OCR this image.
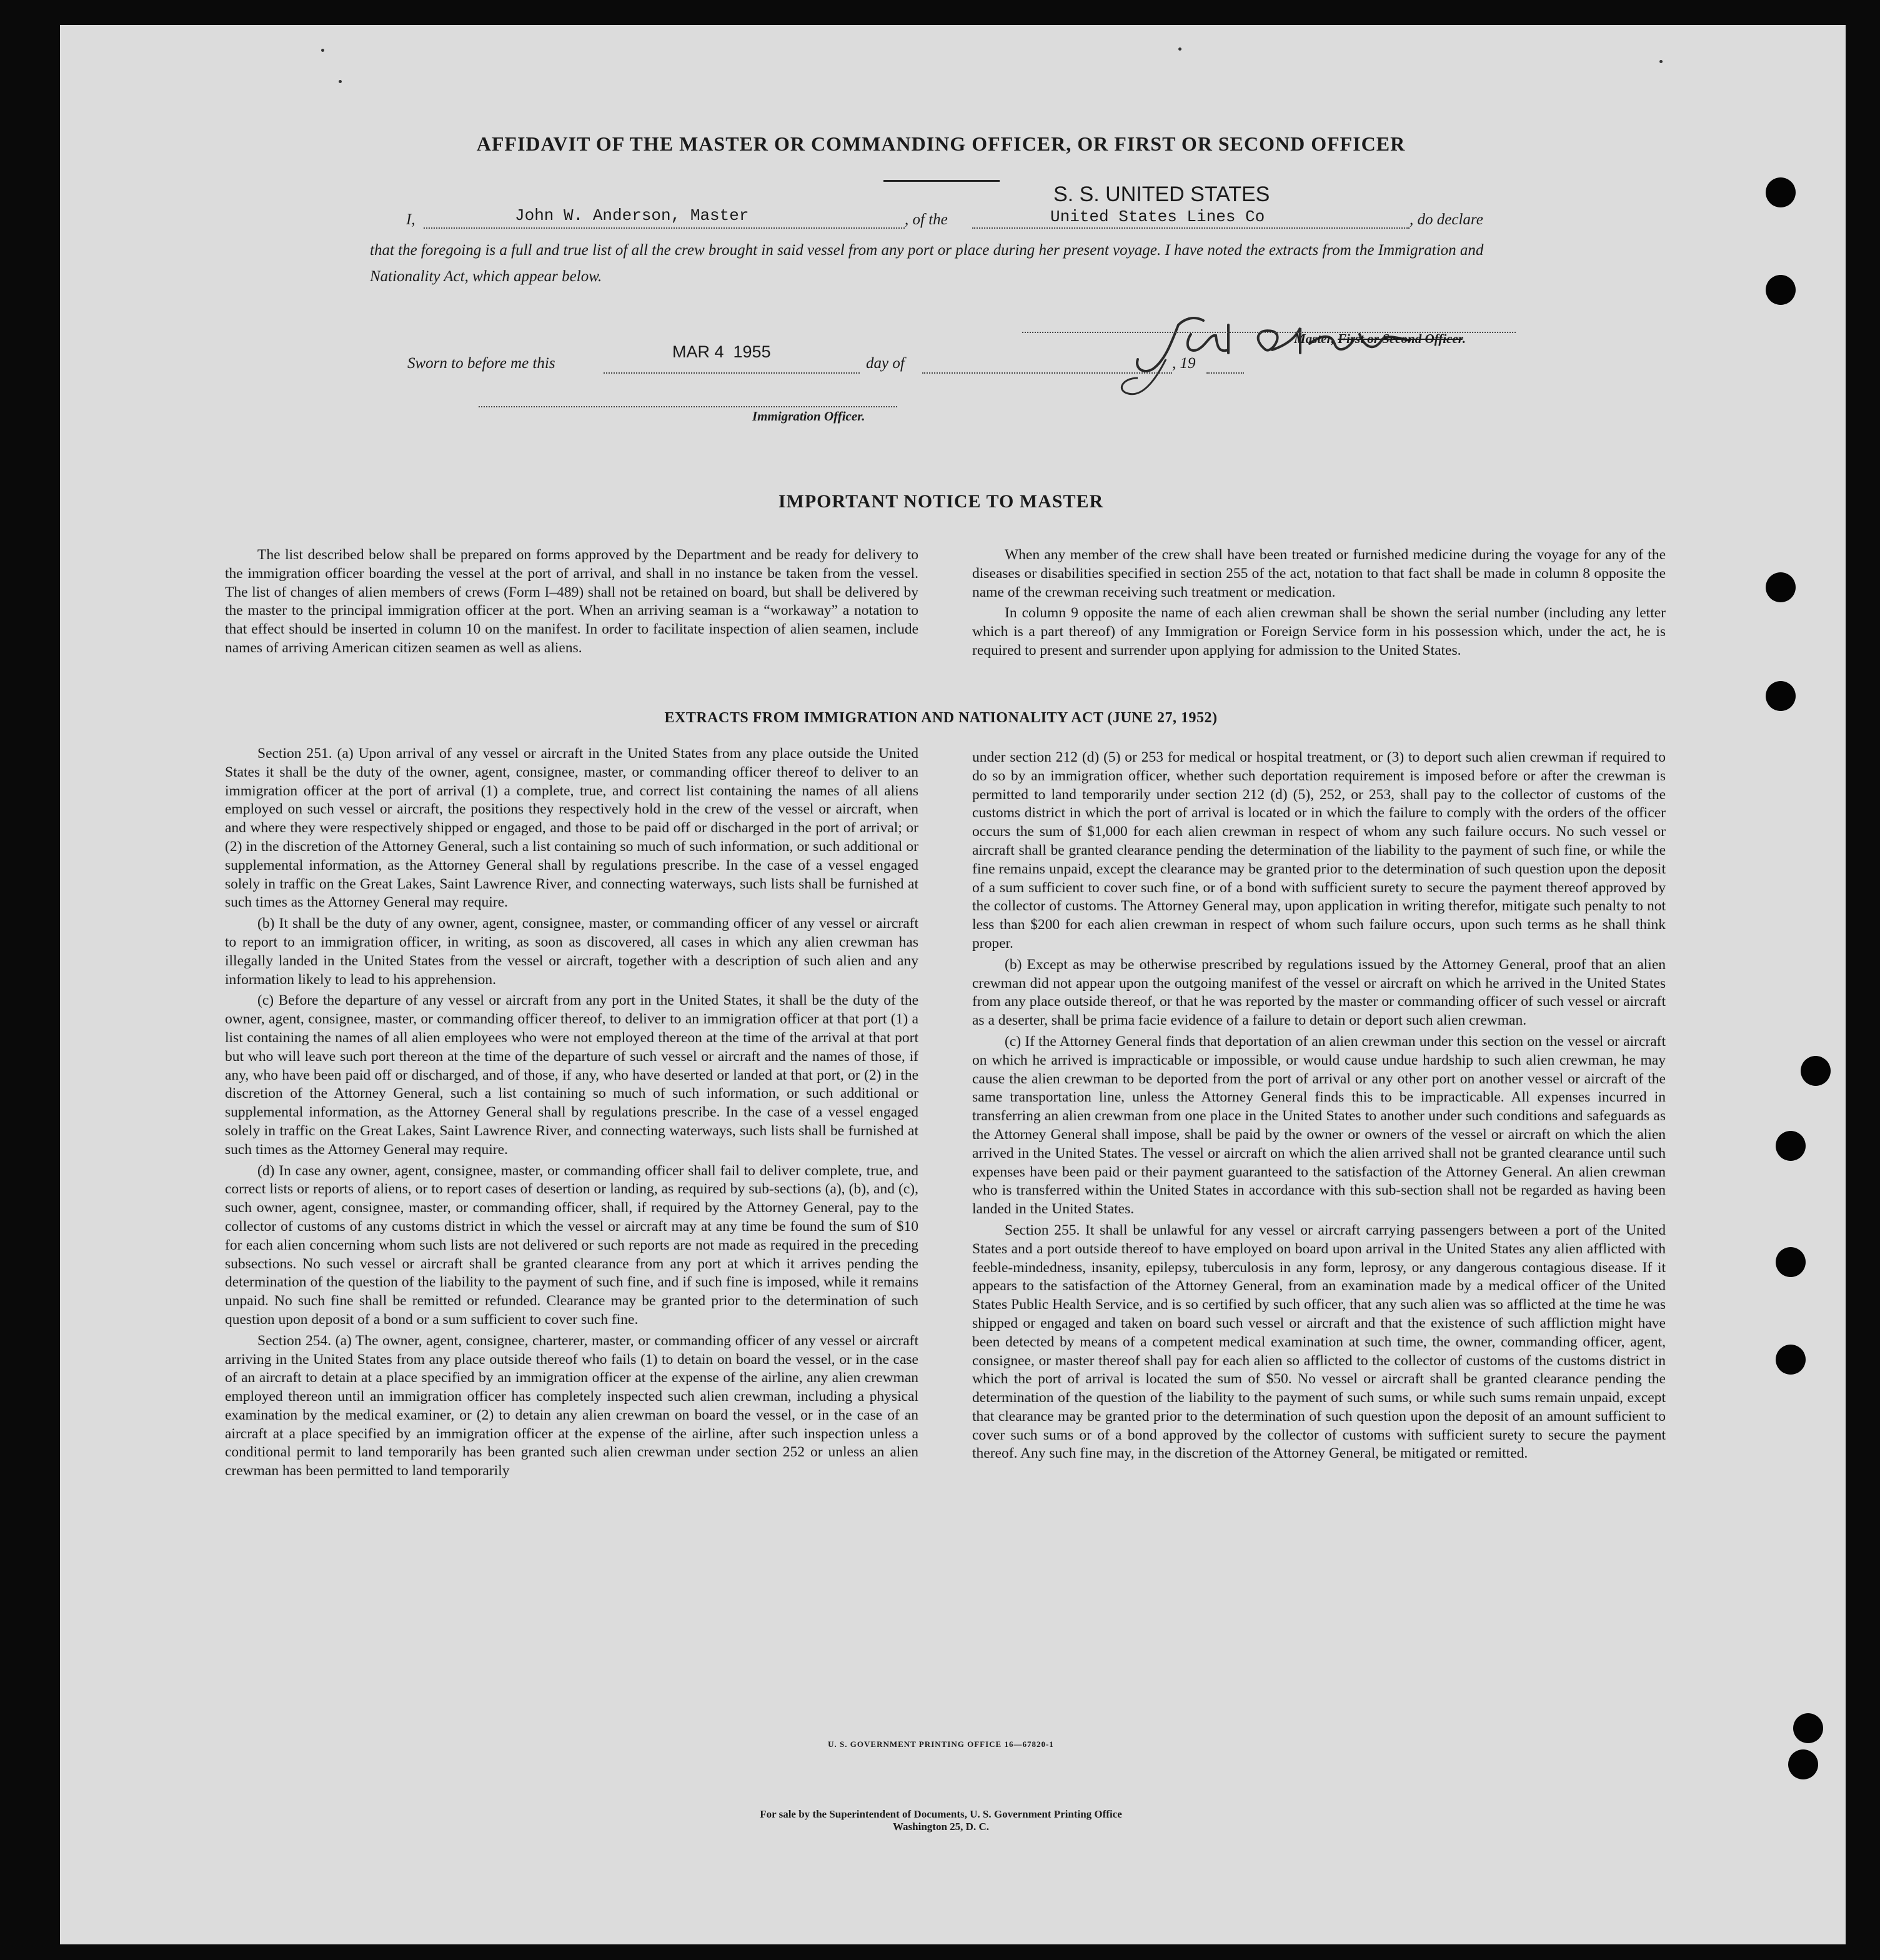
AFFIDAVIT OF THE MASTER OR COMMANDING OFFICER, OR FIRST OR SECOND OFFICER
S. S. UNITED STATES
I,	John W. Anderson, Master	, of the	United States Lines Co	, do declare
that the foregoing is a full and true list of all the crew brought in said vessel from any port or place during her present voyage. I have noted the extracts from the Immigration and Nationality Act, which appear below.
Master, First or Second Officer.
Sworn to before me this
MAR 4  1955
day of	, 19
Immigration Officer.
IMPORTANT NOTICE TO MASTER

The list described below shall be prepared on forms approved by the Department and be ready for delivery to the immigration officer boarding the vessel at the port of arrival, and shall in no instance be taken from the vessel. The list of changes of alien members of crews (Form I–489) shall not be retained on board, but shall be delivered by the master to the principal immigration officer at the port. When an arriving seaman is a “workaway” a notation to that effect should be inserted in column 10 on the manifest. In order to facilitate inspection of alien seamen, include names of arriving American citizen seamen as well as aliens.

When any member of the crew shall have been treated or furnished medicine during the voyage for any of the diseases or disabilities specified in section 255 of the act, notation to that fact shall be made in column 8 opposite the name of the crewman receiving such treatment or medication.

In column 9 opposite the name of each alien crewman shall be shown the serial number (including any letter which is a part thereof) of any Immigration or Foreign Service form in his possession which, under the act, he is required to present and surrender upon applying for admission to the United States.

EXTRACTS FROM IMMIGRATION AND NATIONALITY ACT (JUNE 27, 1952)

Section 251. (a) Upon arrival of any vessel or aircraft in the United States from any place outside the United States it shall be the duty of the owner, agent, consignee, master, or commanding officer thereof to deliver to an immigration officer at the port of arrival (1) a complete, true, and correct list containing the names of all aliens employed on such vessel or aircraft, the positions they respectively hold in the crew of the vessel or aircraft, when and where they were respectively shipped or engaged, and those to be paid off or discharged in the port of arrival; or (2) in the discretion of the Attorney General, such a list containing so much of such information, or such additional or supplemental information, as the Attorney General shall by regulations prescribe. In the case of a vessel engaged solely in traffic on the Great Lakes, Saint Lawrence River, and connecting waterways, such lists shall be furnished at such times as the Attorney General may require.

(b) It shall be the duty of any owner, agent, consignee, master, or commanding officer of any vessel or aircraft to report to an immigration officer, in writing, as soon as discovered, all cases in which any alien crewman has illegally landed in the United States from the vessel or aircraft, together with a description of such alien and any information likely to lead to his apprehension.

(c) Before the departure of any vessel or aircraft from any port in the United States, it shall be the duty of the owner, agent, consignee, master, or commanding officer thereof, to deliver to an immigration officer at that port (1) a list containing the names of all alien employees who were not employed thereon at the time of the arrival at that port but who will leave such port thereon at the time of the departure of such vessel or aircraft and the names of those, if any, who have been paid off or discharged, and of those, if any, who have deserted or landed at that port, or (2) in the discretion of the Attorney General, such a list containing so much of such information, or such additional or supplemental information, as the Attorney General shall by regulations prescribe. In the case of a vessel engaged solely in traffic on the Great Lakes, Saint Lawrence River, and connecting waterways, such lists shall be furnished at such times as the Attorney General may require.

(d) In case any owner, agent, consignee, master, or commanding officer shall fail to deliver complete, true, and correct lists or reports of aliens, or to report cases of desertion or landing, as required by sub-sections (a), (b), and (c), such owner, agent, consignee, master, or commanding officer, shall, if required by the Attorney General, pay to the collector of customs of any customs district in which the vessel or aircraft may at any time be found the sum of $10 for each alien concerning whom such lists are not delivered or such reports are not made as required in the preceding subsections. No such vessel or aircraft shall be granted clearance from any port at which it arrives pending the determination of the question of the liability to the payment of such fine, and if such fine is imposed, while it remains unpaid. No such fine shall be remitted or refunded. Clearance may be granted prior to the determination of such question upon deposit of a bond or a sum sufficient to cover such fine.

Section 254. (a) The owner, agent, consignee, charterer, master, or commanding officer of any vessel or aircraft arriving in the United States from any place outside thereof who fails (1) to detain on board the vessel, or in the case of an aircraft to detain at a place specified by an immigration officer at the expense of the airline, any alien crewman employed thereon until an immigration officer has completely inspected such alien crewman, including a physical examination by the medical examiner, or (2) to detain any alien crewman on board the vessel, or in the case of an aircraft at a place specified by an immigration officer at the expense of the airline, after such inspection unless a conditional permit to land temporarily has been granted such alien crewman under section 252 or unless an alien crewman has been permitted to land temporarily

under section 212 (d) (5) or 253 for medical or hospital treatment, or (3) to deport such alien crewman if required to do so by an immigration officer, whether such deportation requirement is imposed before or after the crewman is permitted to land temporarily under section 212 (d) (5), 252, or 253, shall pay to the collector of customs of the customs district in which the port of arrival is located or in which the failure to comply with the orders of the officer occurs the sum of $1,000 for each alien crewman in respect of whom any such failure occurs. No such vessel or aircraft shall be granted clearance pending the determination of the liability to the payment of such fine, or while the fine remains unpaid, except the clearance may be granted prior to the determination of such question upon the deposit of a sum sufficient to cover such fine, or of a bond with sufficient surety to secure the payment thereof approved by the collector of customs. The Attorney General may, upon application in writing therefor, mitigate such penalty to not less than $200 for each alien crewman in respect of whom such failure occurs, upon such terms as he shall think proper.

(b) Except as may be otherwise prescribed by regulations issued by the Attorney General, proof that an alien crewman did not appear upon the outgoing manifest of the vessel or aircraft on which he arrived in the United States from any place outside thereof, or that he was reported by the master or commanding officer of such vessel or aircraft as a deserter, shall be prima facie evidence of a failure to detain or deport such alien crewman.

(c) If the Attorney General finds that deportation of an alien crewman under this section on the vessel or aircraft on which he arrived is impracticable or impossible, or would cause undue hardship to such alien crewman, he may cause the alien crewman to be deported from the port of arrival or any other port on another vessel or aircraft of the same transportation line, unless the Attorney General finds this to be impracticable. All expenses incurred in transferring an alien crewman from one place in the United States to another under such conditions and safeguards as the Attorney General shall impose, shall be paid by the owner or owners of the vessel or aircraft on which the alien arrived in the United States. The vessel or aircraft on which the alien arrived shall not be granted clearance until such expenses have been paid or their payment guaranteed to the satisfaction of the Attorney General. An alien crewman who is transferred within the United States in accordance with this sub-section shall not be regarded as having been landed in the United States.

Section 255. It shall be unlawful for any vessel or aircraft carrying passengers between a port of the United States and a port outside thereof to have employed on board upon arrival in the United States any alien afflicted with feeble-mindedness, insanity, epilepsy, tuberculosis in any form, leprosy, or any dangerous contagious disease. If it appears to the satisfaction of the Attorney General, from an examination made by a medical officer of the United States Public Health Service, and is so certified by such officer, that any such alien was so afflicted at the time he was shipped or engaged and taken on board such vessel or aircraft and that the existence of such affliction might have been detected by means of a competent medical examination at such time, the owner, commanding officer, agent, consignee, or master thereof shall pay for each alien so afflicted to the collector of customs of the customs district in which the port of arrival is located the sum of $50. No vessel or aircraft shall be granted clearance pending the determination of the question of the liability to the payment of such sums, or while such sums remain unpaid, except that clearance may be granted prior to the determination of such question upon the deposit of an amount sufficient to cover such sums or of a bond approved by the collector of customs with sufficient surety to secure the payment thereof. Any such fine may, in the discretion of the Attorney General, be mitigated or remitted.

U. S. GOVERNMENT PRINTING OFFICE 16—67820-1
For sale by the Superintendent of Documents, U. S. Government Printing Office
Washington 25, D. C.
